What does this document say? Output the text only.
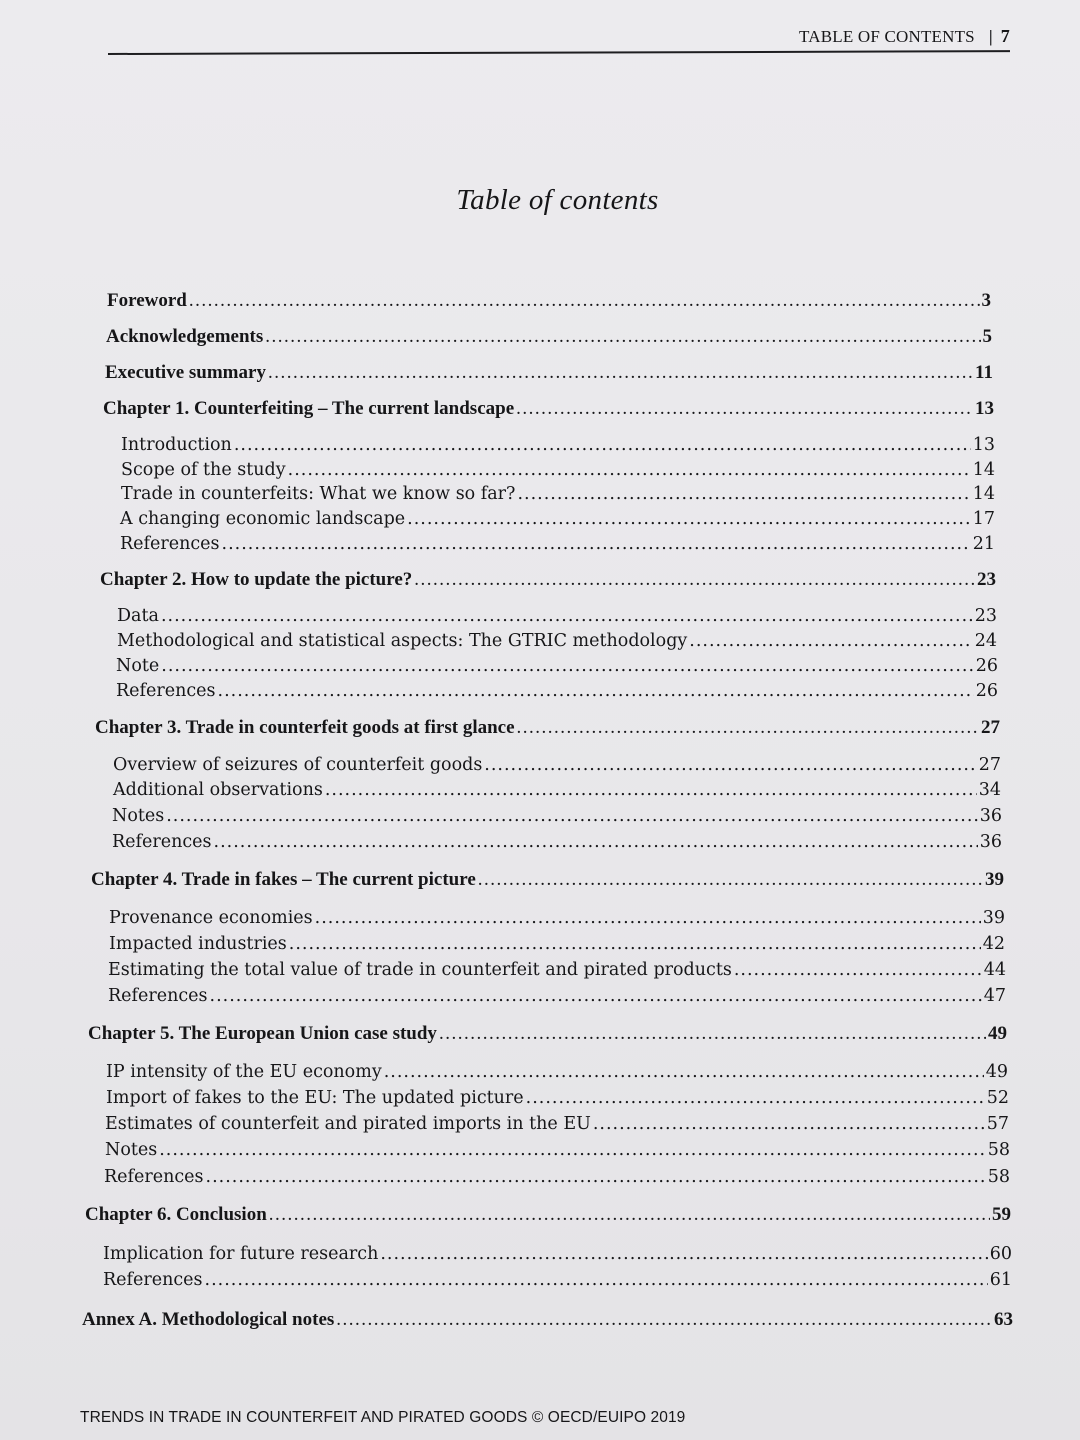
TABLE OF CONTENTS | 7
Table of contents
Foreword .....	3
Acknowledgements .....	5
Executive summary .....	11
Chapter 1. Counterfeiting – The current landscape .....	13
Introduction .....	13
Scope of the study .....	14
Trade in counterfeits: What we know so far? .....	14
A changing economic landscape .....	17
References .....	21
Chapter 2. How to update the picture? .....	23
Data .....	23
Methodological and statistical aspects: The GTRIC methodology .....	24
Note .....	26
References .....	26
Chapter 3. Trade in counterfeit goods at first glance .....	27
Overview of seizures of counterfeit goods .....	27
Additional observations .....	34
Notes .....	36
References .....	36
Chapter 4. Trade in fakes – The current picture .....	39
Provenance economies .....	39
Impacted industries .....	42
Estimating the total value of trade in counterfeit and pirated products .....	44
References .....	47
Chapter 5. The European Union case study .....	49
IP intensity of the EU economy .....	49
Import of fakes to the EU: The updated picture .....	52
Estimates of counterfeit and pirated imports in the EU .....	57
Notes .....	58
References .....	58
Chapter 6. Conclusion .....	59
Implication for future research .....	60
References .....	61
Annex A. Methodological notes .....	63
TRENDS IN TRADE IN COUNTERFEIT AND PIRATED GOODS © OECD/EUIPO 2019
